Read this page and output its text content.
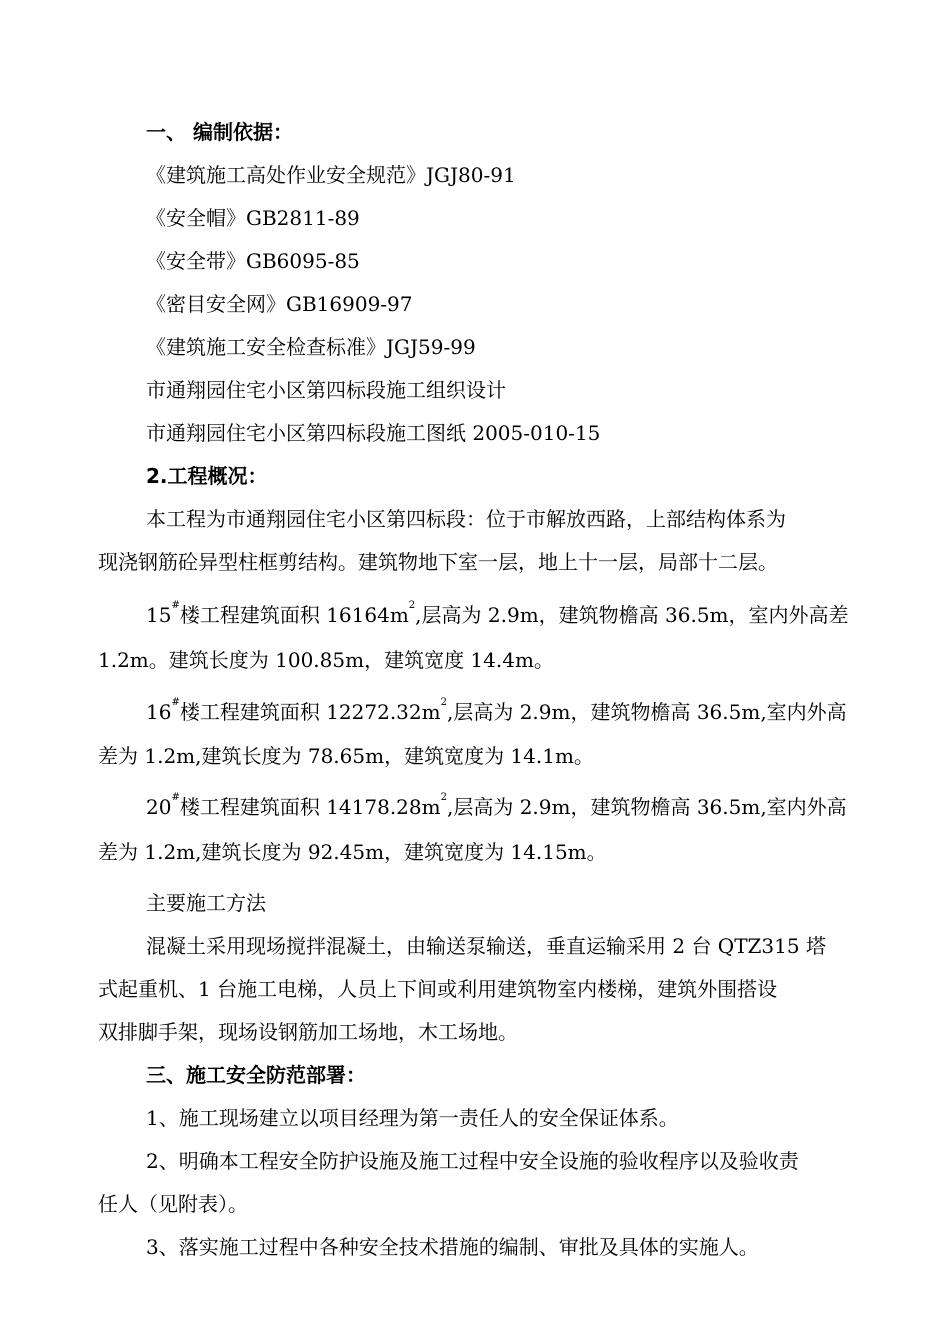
一、 编制依据：
《建筑施工高处作业安全规范》JGJ80-91
《安全帽》GB2811-89
《安全带》GB6095-85
《密目安全网》GB16909-97
《建筑施工安全检查标准》JGJ59-99
市通翔园住宅小区第四标段施工组织设计
市通翔园住宅小区第四标段施工图纸 2005-010-15
2.工程概况：
本工程为市通翔园住宅小区第四标段：位于市解放西路，上部结构体系为
现浇钢筋砼异型柱框剪结构。建筑物地下室一层，地上十一层，局部十二层。
15#楼工程建筑面积 $16164m^2$,层高为 2.9m，建筑物檐高 36.5m，室内外高差
1.2m。建筑长度为 100.85m，建筑宽度 14.4m。
16#楼工程建筑面积 $12272.32m^2$,层高为 2.9m，建筑物檐高 36.5m,室内外高
差为 1.2m,建筑长度为 78.65m，建筑宽度为 14.1m。
20#楼工程建筑面积 $14178.28m^2$,层高为 2.9m，建筑物檐高 36.5m,室内外高
差为 1.2m,建筑长度为 92.45m，建筑宽度为 14.15m。
主要施工方法
混凝土采用现场搅拌混凝土，由输送泵输送，垂直运输采用 2 台 QTZ315 塔
式起重机、1 台施工电梯，人员上下间或利用建筑物室内楼梯，建筑外围搭设
双排脚手架，现场设钢筋加工场地，木工场地。
三、施工安全防范部署：
1、施工现场建立以项目经理为第一责任人的安全保证体系。
2、明确本工程安全防护设施及施工过程中安全设施的验收程序以及验收责
任人（见附表）。
3、落实施工过程中各种安全技术措施的编制、审批及具体的实施人。
